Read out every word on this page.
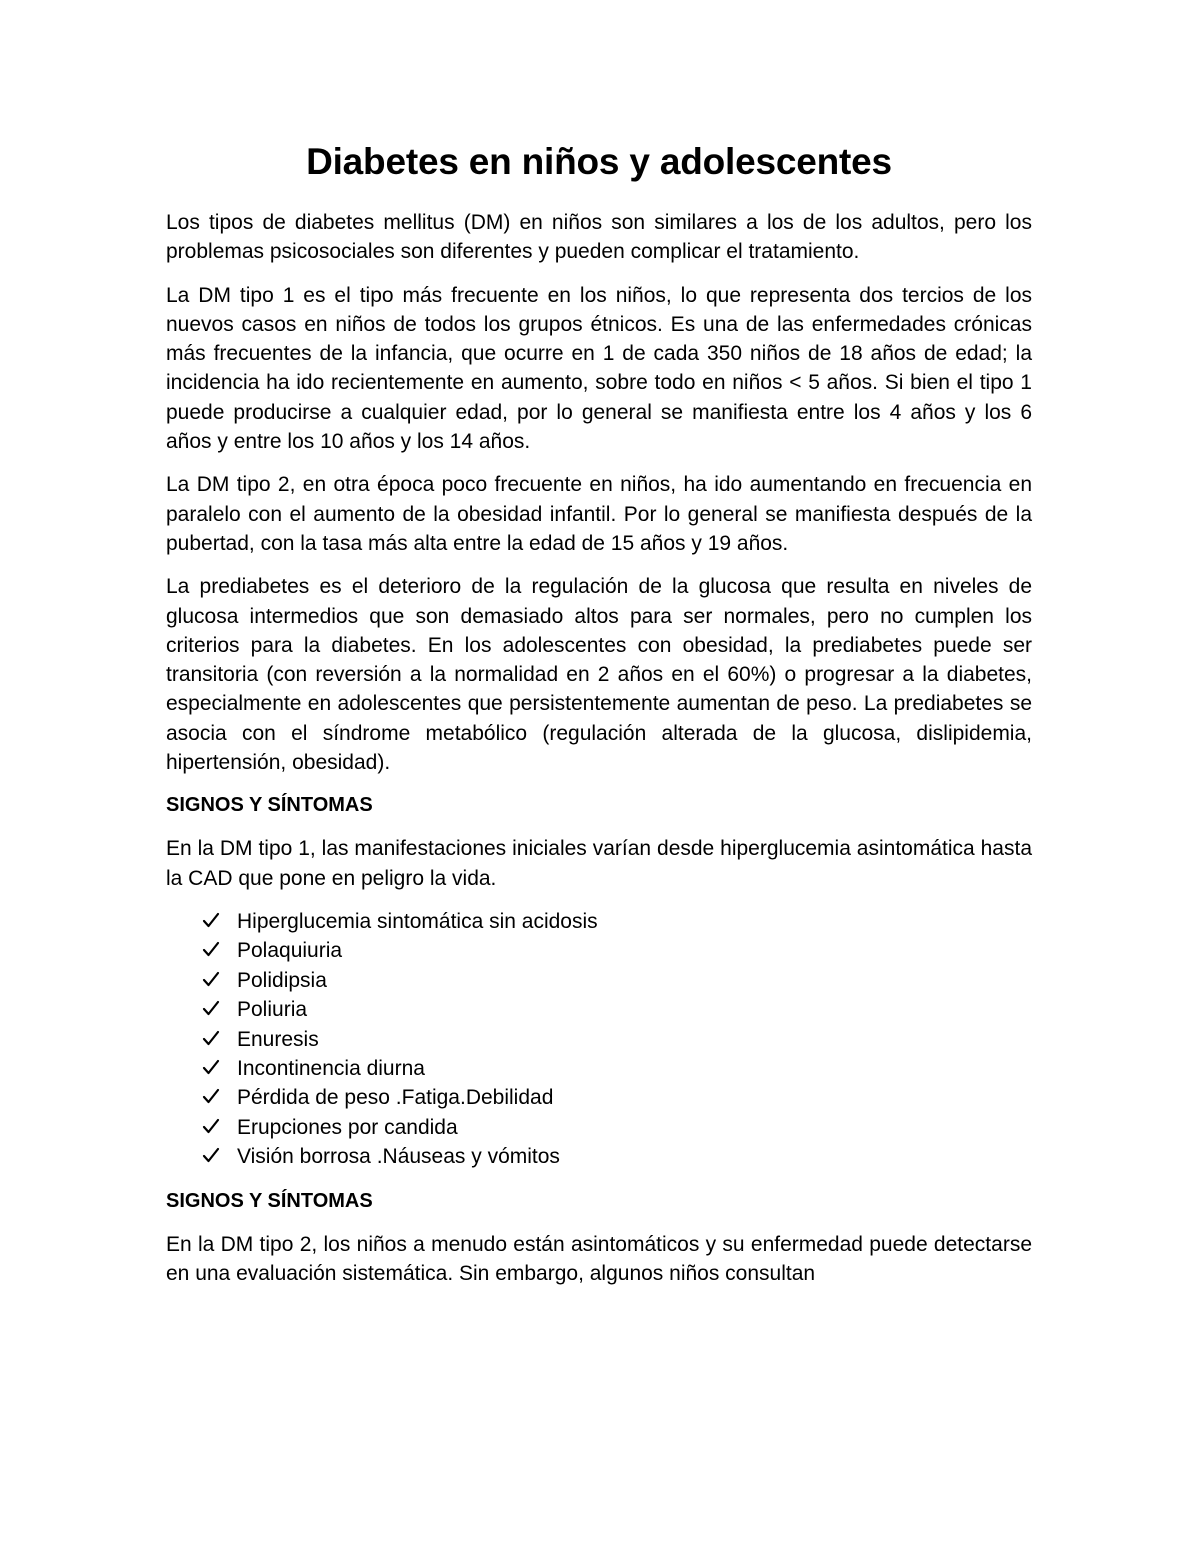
Diabetes en niños y adolescentes

Los tipos de diabetes mellitus (DM) en niños son similares a los de los adultos, pero los problemas psicosociales son diferentes y pueden complicar el tratamiento.

La DM tipo 1 es el tipo más frecuente en los niños, lo que representa dos tercios de los nuevos casos en niños de todos los grupos étnicos. Es una de las enfermedades crónicas más frecuentes de la infancia, que ocurre en 1 de cada 350 niños de 18 años de edad; la incidencia ha ido recientemente en aumento, sobre todo en niños < 5 años. Si bien el tipo 1 puede producirse a cualquier edad, por lo general se manifiesta entre los 4 años y los 6 años y entre los 10 años y los 14 años.

La DM tipo 2, en otra época poco frecuente en niños, ha ido aumentando en frecuencia en paralelo con el aumento de la obesidad infantil. Por lo general se manifiesta después de la pubertad, con la tasa más alta entre la edad de 15 años y 19 años.

La prediabetes es el deterioro de la regulación de la glucosa que resulta en niveles de glucosa intermedios que son demasiado altos para ser normales, pero no cumplen los criterios para la diabetes. En los adolescentes con obesidad, la prediabetes puede ser transitoria (con reversión a la normalidad en 2 años en el 60%) o progresar a la diabetes, especialmente en adolescentes que persistentemente aumentan de peso. La prediabetes se asocia con el síndrome metabólico (regulación alterada de la glucosa, dislipidemia, hipertensión, obesidad).

SIGNOS Y SÍNTOMAS

En la DM tipo 1, las manifestaciones iniciales varían desde hiperglucemia asintomática hasta la CAD que pone en peligro la vida.

Hiperglucemia sintomática sin acidosis
Polaquiuria
Polidipsia
Poliuria
Enuresis
Incontinencia diurna
Pérdida de peso .Fatiga.Debilidad
Erupciones por candida
Visión borrosa .Náuseas y vómitos
SIGNOS Y SÍNTOMAS

En la DM tipo 2, los niños a menudo están asintomáticos y su enfermedad puede detectarse en una evaluación sistemática. Sin embargo, algunos niños consultan
